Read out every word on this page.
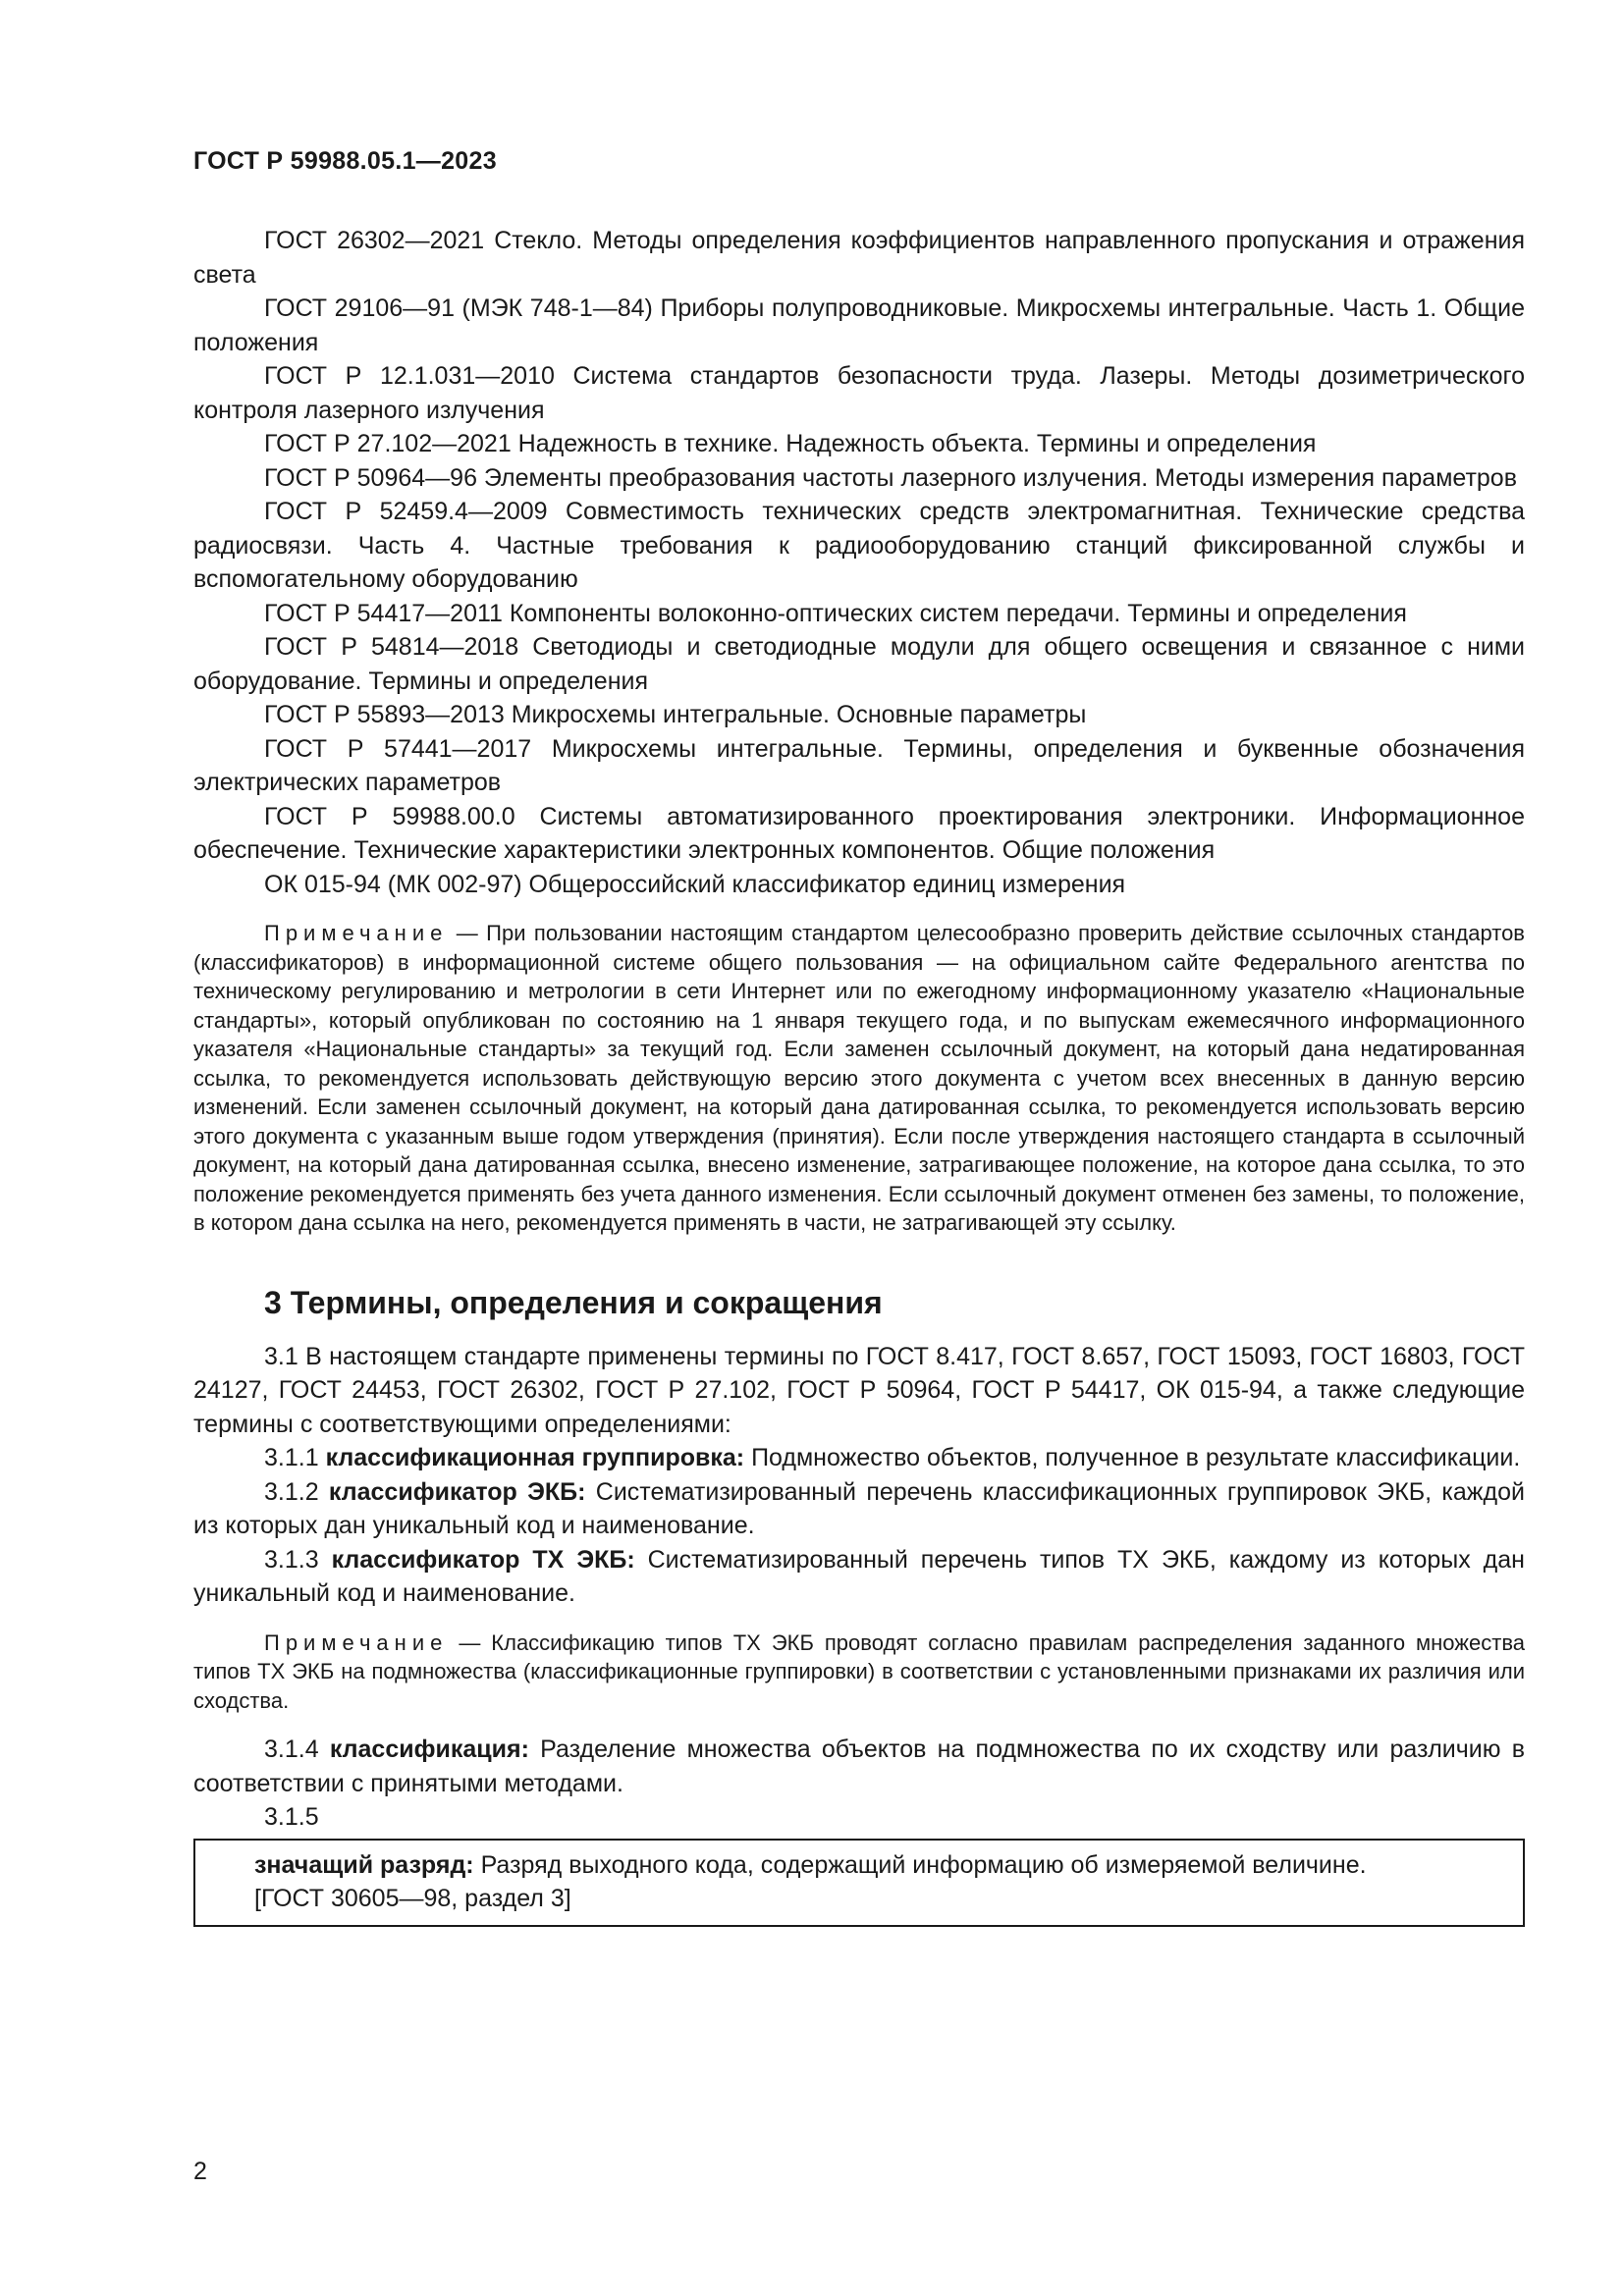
ГОСТ Р 59988.05.1—2023

ГОСТ 26302—2021 Стекло. Методы определения коэффициентов направленного пропускания и отражения света

ГОСТ 29106—91 (МЭК 748-1—84) Приборы полупроводниковые. Микросхемы интегральные. Часть 1. Общие положения

ГОСТ Р 12.1.031—2010 Система стандартов безопасности труда. Лазеры. Методы дозиметрического контроля лазерного излучения

ГОСТ Р 27.102—2021 Надежность в технике. Надежность объекта. Термины и определения

ГОСТ Р 50964—96 Элементы преобразования частоты лазерного излучения. Методы измерения параметров

ГОСТ Р 52459.4—2009 Совместимость технических средств электромагнитная. Технические средства радиосвязи. Часть 4. Частные требования к радиооборудованию станций фиксированной службы и вспомогательному оборудованию

ГОСТ Р 54417—2011 Компоненты волоконно-оптических систем передачи. Термины и определения

ГОСТ Р 54814—2018 Светодиоды и светодиодные модули для общего освещения и связанное с ними оборудование. Термины и определения

ГОСТ Р 55893—2013 Микросхемы интегральные. Основные параметры

ГОСТ Р 57441—2017 Микросхемы интегральные. Термины, определения и буквенные обозначения электрических параметров

ГОСТ Р 59988.00.0 Системы автоматизированного проектирования электроники. Информационное обеспечение. Технические характеристики электронных компонентов. Общие положения

ОК 015-94 (МК 002-97) Общероссийский классификатор единиц измерения

Примечание — При пользовании настоящим стандартом целесообразно проверить действие ссылочных стандартов (классификаторов) в информационной системе общего пользования — на официальном сайте Федерального агентства по техническому регулированию и метрологии в сети Интернет или по ежегодному информационному указателю «Национальные стандарты», который опубликован по состоянию на 1 января текущего года, и по выпускам ежемесячного информационного указателя «Национальные стандарты» за текущий год. Если заменен ссылочный документ, на который дана недатированная ссылка, то рекомендуется использовать действующую версию этого документа с учетом всех внесенных в данную версию изменений. Если заменен ссылочный документ, на который дана датированная ссылка, то рекомендуется использовать версию этого документа с указанным выше годом утверждения (принятия). Если после утверждения настоящего стандарта в ссылочный документ, на который дана датированная ссылка, внесено изменение, затрагивающее положение, на которое дана ссылка, то это положение рекомендуется применять без учета данного изменения. Если ссылочный документ отменен без замены, то положение, в котором дана ссылка на него, рекомендуется применять в части, не затрагивающей эту ссылку.

3 Термины, определения и сокращения

3.1 В настоящем стандарте применены термины по ГОСТ 8.417, ГОСТ 8.657, ГОСТ 15093, ГОСТ 16803, ГОСТ 24127, ГОСТ 24453, ГОСТ 26302, ГОСТ Р 27.102, ГОСТ Р 50964, ГОСТ Р 54417, ОК 015-94, а также следующие термины с соответствующими определениями:

3.1.1 классификационная группировка: Подмножество объектов, полученное в результате классификации.

3.1.2 классификатор ЭКБ: Систематизированный перечень классификационных группировок ЭКБ, каждой из которых дан уникальный код и наименование.

3.1.3 классификатор ТХ ЭКБ: Систематизированный перечень типов ТХ ЭКБ, каждому из которых дан уникальный код и наименование.

Примечание — Классификацию типов ТХ ЭКБ проводят согласно правилам распределения заданного множества типов ТХ ЭКБ на подмножества (классификационные группировки) в соответствии с установленными признаками их различия или сходства.

3.1.4 классификация: Разделение множества объектов на подмножества по их сходству или различию в соответствии с принятыми методами.

3.1.5

значащий разряд: Разряд выходного кода, содержащий информацию об измеряемой величине.
[ГОСТ 30605—98, раздел 3]
2
